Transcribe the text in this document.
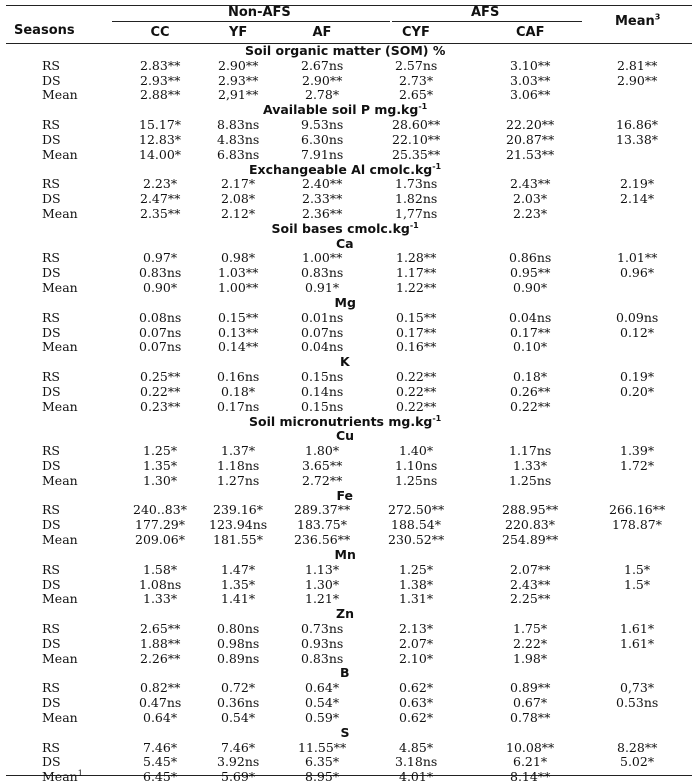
Seasons
Non-AFS	AFS
Mean$^3$
CC	YF	AF	CYF	CAF
Soil organic matter (SOM) %
RS	2.83**	2.90**	2.67ns	2.57ns	3.10**	2.81**
DS	2.93**	2.93**	2.90**	2.73*	3.03**	2.90**
Mean	2.88**	2,91**	2.78*	2.65*	3.06**
Available soil P $mg.kg^{-1}$
RS	15.17*	8.83ns	9.53ns	28.60**	22.20**	16.86*
DS	12.83*	4.83ns	6.30ns	22.10**	20.87**	13.38*
Mean	14.00*	6.83ns	7.91ns	25.35**	21.53**
Exchangeable Al $cmolc.kg^{-1}$
RS	2.23*	2.17*	2.40**	1.73ns	2.43**	2.19*
DS	2.47**	2.08*	2.33**	1.82ns	2.03*	2.14*
Mean	2.35**	2.12*	2.36**	1,77ns	2.23*
Soil bases $cmolc.kg^{-1}$
Ca
RS	0.97*	0.98*	1.00**	1.28**	0.86ns	1.01**
DS	0.83ns	1.03**	0.83ns	1.17**	0.95**	0.96*
Mean	0.90*	1.00**	0.91*	1.22**	0.90*
Mg
RS	0.08ns	0.15**	0.01ns	0.15**	0.04ns	0.09ns
DS	0.07ns	0.13**	0.07ns	0.17**	0.17**	0.12*
Mean	0.07ns	0.14**	0.04ns	0.16**	0.10*
K
RS	0.25**	0.16ns	0.15ns	0.22**	0.18*	0.19*
DS	0.22**	0.18*	0.14ns	0.22**	0.26**	0.20*
Mean	0.23**	0.17ns	0.15ns	0.22**	0.22**
Soil micronutrients $mg.kg^{-1}$
Cu
RS	1.25*	1.37*	1.80*	1.40*	1.17ns	1.39*
DS	1.35*	1.18ns	3.65**	1.10ns	1.33*	1.72*
Mean	1.30*	1.27ns	2.72**	1.25ns	1.25ns
Fe
RS	240..83* 239.16* 289.37**	272.50**	288.95**	266.16**
DS	177.29* 123.94ns 183.75*	188.54*	220.83*	178.87*
Mean	209.06* 181.55* 236.56**	230.52**	254.89**
Mn
RS	1.58*	1.47*	1.13*	1.25*	2.07**	1.5*
DS	1.08ns	1.35*	1.30*	1.38*	2.43**	1.5*
Mean	1.33*	1.41*	1.21*	1.31*	2.25**
Zn
RS	2.65**	0.80ns	0.73ns	2.13*	1.75*	1.61*
DS	1.88**	0.98ns	0.93ns	2.07*	2.22*	1.61*
Mean	2.26**	0.89ns	0.83ns	2.10*	1.98*
B
RS	0.82**	0.72*	0.64*	0.62*	0.89**	0,73*
DS	0.47ns	0.36ns	0.54*	0.63*	0.67*	0.53ns
Mean	0.64*	0.54*	0.59*	0.62*	0.78**
S
RS	7.46*	7.46*	11.55**	4.85*	10.08**	8.28**
DS	5.45*	3.92ns	6.35*	3.18ns	6.21*	5.02*
Mean$^1$	6.45*	5.69*	8.95*	4.01*	8.14**
